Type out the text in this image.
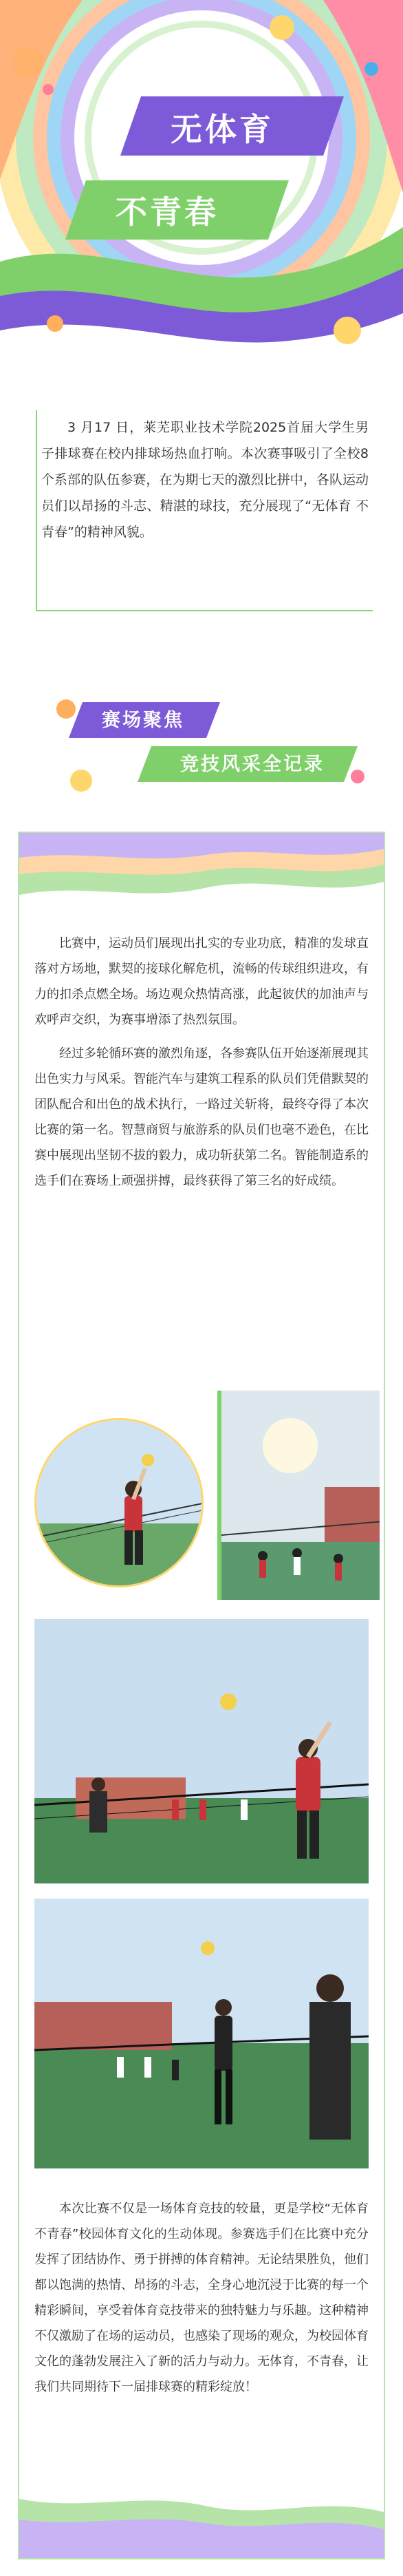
无体育
不青春

3 月17 日，莱芜职业技术学院2025首届大学生男子排球赛在校内排球场热血打响。本次赛事吸引了全校8个系部的队伍参赛，在为期七天的激烈比拼中，各队运动员们以昂扬的斗志、精湛的球技，充分展现了“无体育 不青春”的精神风貌。

赛场聚焦
竞技风采全记录

比赛中，运动员们展现出扎实的专业功底，精准的发球直落对方场地，默契的接球化解危机，流畅的传球组织进攻，有力的扣杀点燃全场。场边观众热情高涨，此起彼伏的加油声与欢呼声交织，为赛事增添了热烈氛围。

经过多轮循环赛的激烈角逐，各参赛队伍开始逐渐展现其出色实力与风采。智能汽车与建筑工程系的队员们凭借默契的团队配合和出色的战术执行，一路过关斩将，最终夺得了本次比赛的第一名。智慧商贸与旅游系的队员们也毫不逊色，在比赛中展现出坚韧不拔的毅力，成功斩获第二名。智能制造系的选手们在赛场上顽强拼搏，最终获得了第三名的好成绩。

本次比赛不仅是一场体育竞技的较量，更是学校“无体育 不青春”校园体育文化的生动体现。参赛选手们在比赛中充分发挥了团结协作、勇于拼搏的体育精神。无论结果胜负，他们都以饱满的热情、昂扬的斗志，全身心地沉浸于比赛的每一个精彩瞬间，享受着体育竞技带来的独特魅力与乐趣。这种精神不仅激励了在场的运动员，也感染了现场的观众，为校园体育文化的蓬勃发展注入了新的活力与动力。无体育，不青春，让我们共同期待下一届排球赛的精彩绽放！
